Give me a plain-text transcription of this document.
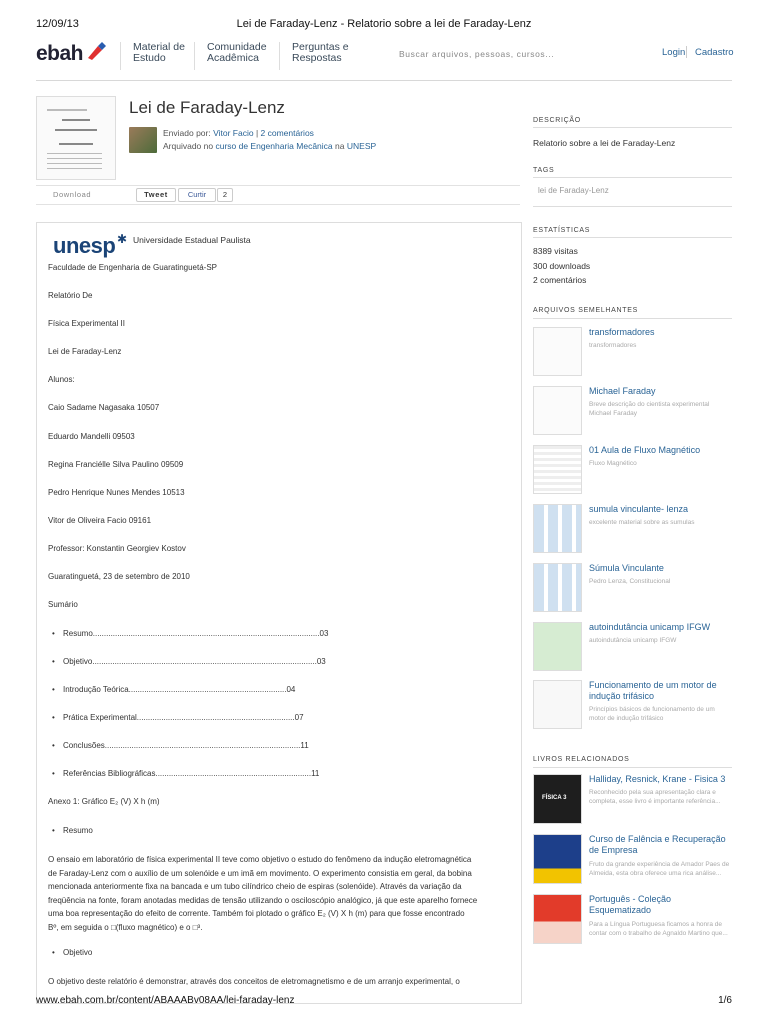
12/09/13	Lei de Faraday-Lenz - Relatorio sobre a lei de Faraday-Lenz
ebah	Material de
Estudo
Comunidade
Acadêmica
Perguntas e
Respostas	Buscar arquivos, pessoas, cursos...	Login Cadastro
Lei de Faraday-Lenz
Enviado por: Vitor Facio | 2 comentários
Arquivado no curso de Engenharia Mecânica na UNESP
Download	Tweet	Curtir	2
unesp ✱ Universidade Estadual Paulista
Faculdade de Engenharia de Guaratinguetá-SP
Relatório De
Física Experimental II
Lei de Faraday-Lenz
Alunos:
Caio Sadame Nagasaka 10507
Eduardo Mandelli 09503
Regina Franciélle Silva Paulino 09509
Pedro Henrique Nunes Mendes 10513
Vitor de Oliveira Facio 09161
Professor: Konstantin Georgiev Kostov
Guaratinguetá, 23 de setembro de 2010
Sumário
• Resumo......................................................................................................03
• Objetivo.....................................................................................................03
• Introdução Teórica.......................................................................04
• Prática Experimental.......................................................................07
• Conclusões........................................................................................11
• Referências Bibliográficas......................................................................11
Anexo 1: Gráfico E₂ (V) X h (m)
• Resumo
O ensaio em laboratório de física experimental II teve como objetivo o estudo do fenômeno da indução eletromagnética
de Faraday-Lenz com o auxílio de um solenóide e um imã em movimento. O experimento consistia em geral, da bobina
mencionada anteriormente fixa na bancada e um tubo cilíndrico cheio de espiras (solenóide). Através da variação da
freqüência na fonte, foram anotadas medidas de tensão utilizando o osciloscópio analógico, já que este aparelho fornece
uma boa representação do efeito de corrente. Também foi plotado o gráfico E₂ (V) X h (m) para que fosse encontrado
Bº, em seguida o □(fluxo magnético) e o □³.
• Objetivo
O objetivo deste relatório é demonstrar, através dos conceitos de eletromagnetismo e de um arranjo experimental, o
DESCRIÇÃO
Relatorio sobre a lei de Faraday-Lenz
TAGS
lei de Faraday-Lenz
ESTATÍSTICAS
8389 visitas
300 downloads
2 comentários
ARQUIVOS SEMELHANTES
transformadores
transformadores
Michael Faraday
Breve descrição do cientista experimental Michael Faraday
01 Aula de Fluxo Magnético
Fluxo Magnético
sumula vinculante- lenza
excelente material sobre as sumulas
Súmula Vinculante
Pedro Lenza, Constitucional
autoindutância unicamp IFGW
autoindutância unicamp IFGW
Funcionamento de um motor de indução trifásico
Princípios básicos de funcionamento de um motor de indução trifásico
LIVROS RELACIONADOS
FÍSICA 3
Halliday, Resnick, Krane - Fisica 3
Reconhecido pela sua apresentação clara e completa, esse livro é importante referência...
Curso de Falência e Recuperação de Empresa
Fruto da grande experiência de Amador Paes de Almeida, esta obra oferece uma rica análise...
Português - Coleção Esquematizado
Para a Língua Portuguesa ficamos a honra de contar com o trabalho de Agnaldo Martino que...
www.ebah.com.br/content/ABAAABv08AA/lei-faraday-lenz	1/6
